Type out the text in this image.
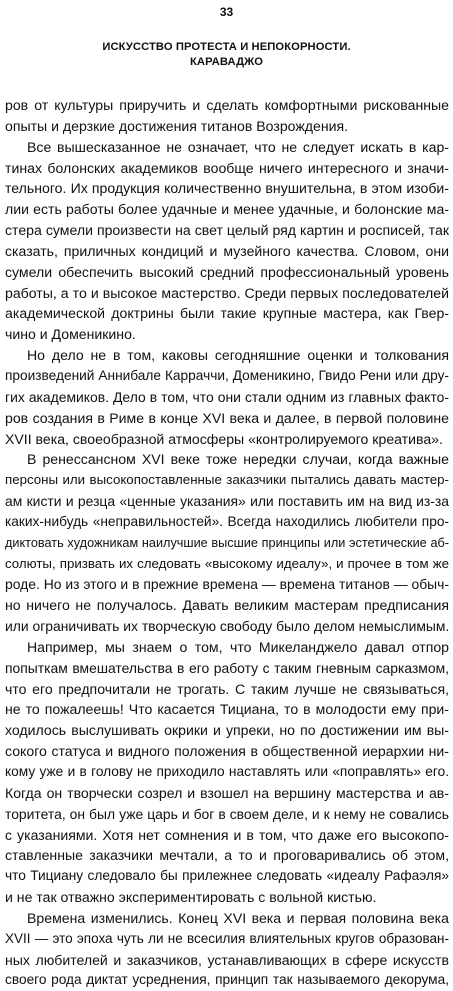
33
ИСКУССТВО ПРОТЕСТА И НЕПОКОРНОСТИ.
КАРАВАДЖО
ров от культуры приручить и сделать комфортными рискованные
опыты и дерзкие достижения титанов Возрождения.
Все вышесказанное не означает, что не следует искать в кар-
тинах болонских академиков вообще ничего интересного и значи-
тельного. Их продукция количественно внушительна, в этом изоби-
лии есть работы более удачные и менее удачные, и болонские ма-
стера сумели произвести на свет целый ряд картин и росписей, так
сказать, приличных кондиций и музейного качества. Словом, они
сумели обеспечить высокий средний профессиональный уровень
работы, а то и высокое мастерство. Среди первых последователей
академической доктрины были такие крупные мастера, как Гвер-
чино и Доменикино.
Но дело не в том, каковы сегодняшние оценки и толкования
произведений Аннибале Карраччи, Доменикино, Гвидо Рени или дру-
гих академиков. Дело в том, что они стали одним из главных факто-
ров создания в Риме в конце XVI века и далее, в первой половине
XVII века, своеобразной атмосферы «контролируемого креатива».
В ренессансном XVI веке тоже нередки случаи, когда важные
персоны или высокопоставленные заказчики пытались давать мастер-
ам кисти и резца «ценные указания» или поставить им на вид из-за
каких-нибудь «неправильностей». Всегда находились любители про-
диктовать художникам наилучшие высшие принципы или эстетические аб-
солюты, призвать их следовать «высокому идеалу», и прочее в том же
роде. Но из этого и в прежние времена — времена титанов — обыч-
но ничего не получалось. Давать великим мастерам предписания
или ограничивать их творческую свободу было делом немыслимым.
Например, мы знаем о том, что Микеланджело давал отпор
попыткам вмешательства в его работу с таким гневным сарказмом,
что его предпочитали не трогать. С таким лучше не связываться,
не то пожалеешь! Что касается Тициана, то в молодости ему при-
ходилось выслушивать окрики и упреки, но по достижении им вы-
сокого статуса и видного положения в общественной иерархии ни-
кому уже и в голову не приходило наставлять или «поправлять» его.
Когда он творчески созрел и взошел на вершину мастерства и ав-
торитета, он был уже царь и бог в своем деле, и к нему не совались
с указаниями. Хотя нет сомнения и в том, что даже его высокопо-
ставленные заказчики мечтали, а то и проговаривались об этом,
что Тициану следовало бы прилежнее следовать «идеалу Рафаэля»
и не так отважно экспериментировать с вольной кистью.
Времена изменились. Конец XVI века и первая половина века
XVII — это эпоха чуть ли не всесилия влиятельных кругов образован-
ных любителей и заказчиков, устанавливающих в сфере искусств
своего рода диктат усреднения, принцип так называемого декорума,
